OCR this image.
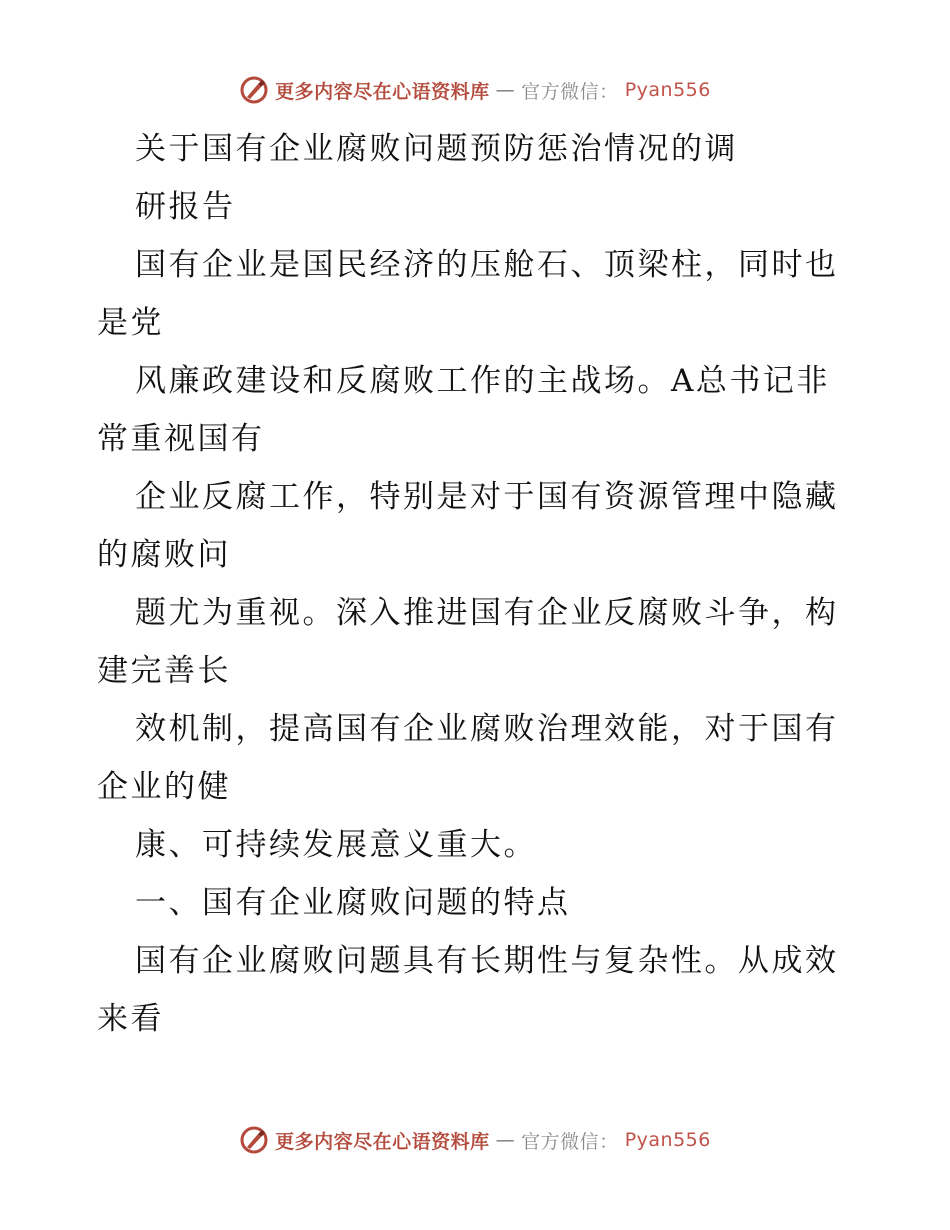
更多内容尽在心语资料库 — 官方微信： Pyan556
关于国有企业腐败问题预防惩治情况的调
研报告
国有企业是国民经济的压舱石、顶梁柱，同时也
是党
风廉政建设和反腐败工作的主战场。A总书记非
常重视国有
企业反腐工作，特别是对于国有资源管理中隐藏
的腐败问
题尤为重视。深入推进国有企业反腐败斗争，构
建完善长
效机制，提高国有企业腐败治理效能，对于国有
企业的健
康、可持续发展意义重大。
一、国有企业腐败问题的特点
国有企业腐败问题具有长期性与复杂性。从成效
来看
更多内容尽在心语资料库 — 官方微信： Pyan556
